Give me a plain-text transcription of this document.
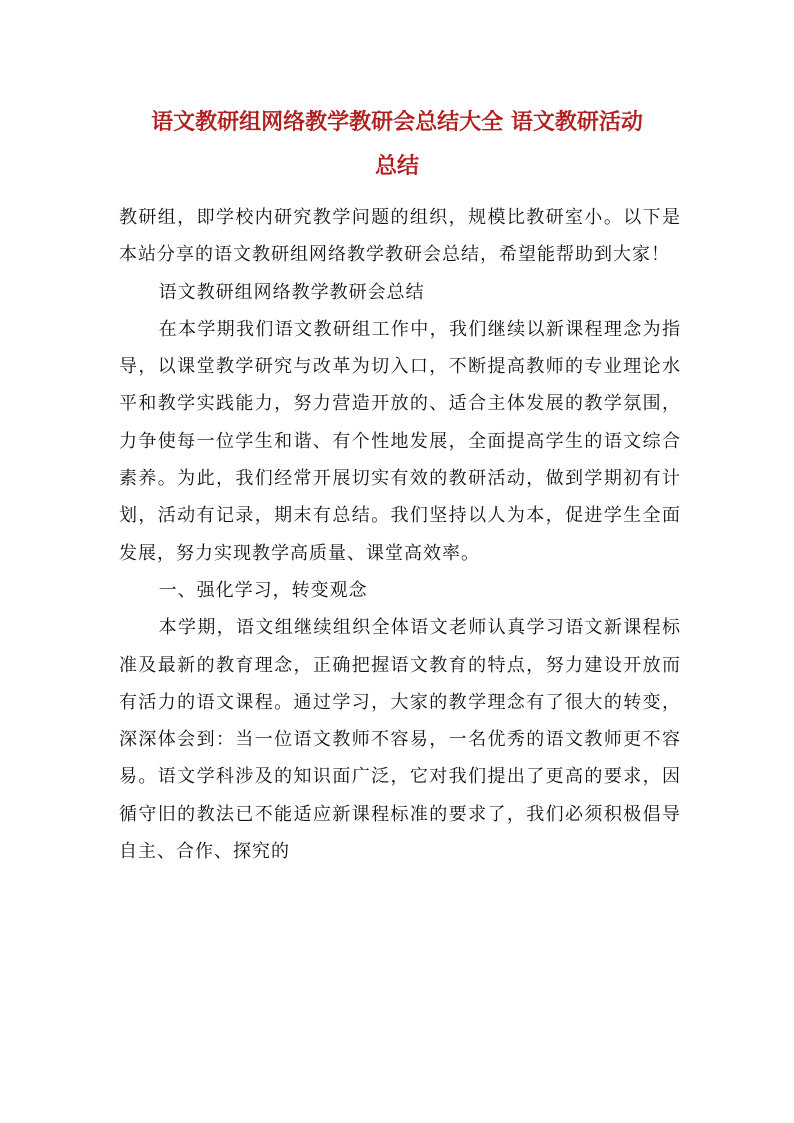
语文教研组网络教学教研会总结大全 语文教研活动
总结

教研组，即学校内研究教学问题的组织，规模比教研室小。以下是本站分享的语文教研组网络教学教研会总结，希望能帮助到大家！

语文教研组网络教学教研会总结

在本学期我们语文教研组工作中，我们继续以新课程理念为指导，以课堂教学研究与改革为切入口，不断提高教师的专业理论水平和教学实践能力，努力营造开放的、适合主体发展的教学氛围，力争使每一位学生和谐、有个性地发展，全面提高学生的语文综合素养。为此，我们经常开展切实有效的教研活动，做到学期初有计划，活动有记录，期末有总结。我们坚持以人为本，促进学生全面发展，努力实现教学高质量、课堂高效率。

一、强化学习，转变观念

本学期，语文组继续组织全体语文老师认真学习语文新课程标准及最新的教育理念，正确把握语文教育的特点，努力建设开放而有活力的语文课程。通过学习，大家的教学理念有了很大的转变，深深体会到：当一位语文教师不容易，一名优秀的语文教师更不容易。语文学科涉及的知识面广泛，它对我们提出了更高的要求，因循守旧的教法已不能适应新课程标准的要求了，我们必须积极倡导自主、合作、探究的
